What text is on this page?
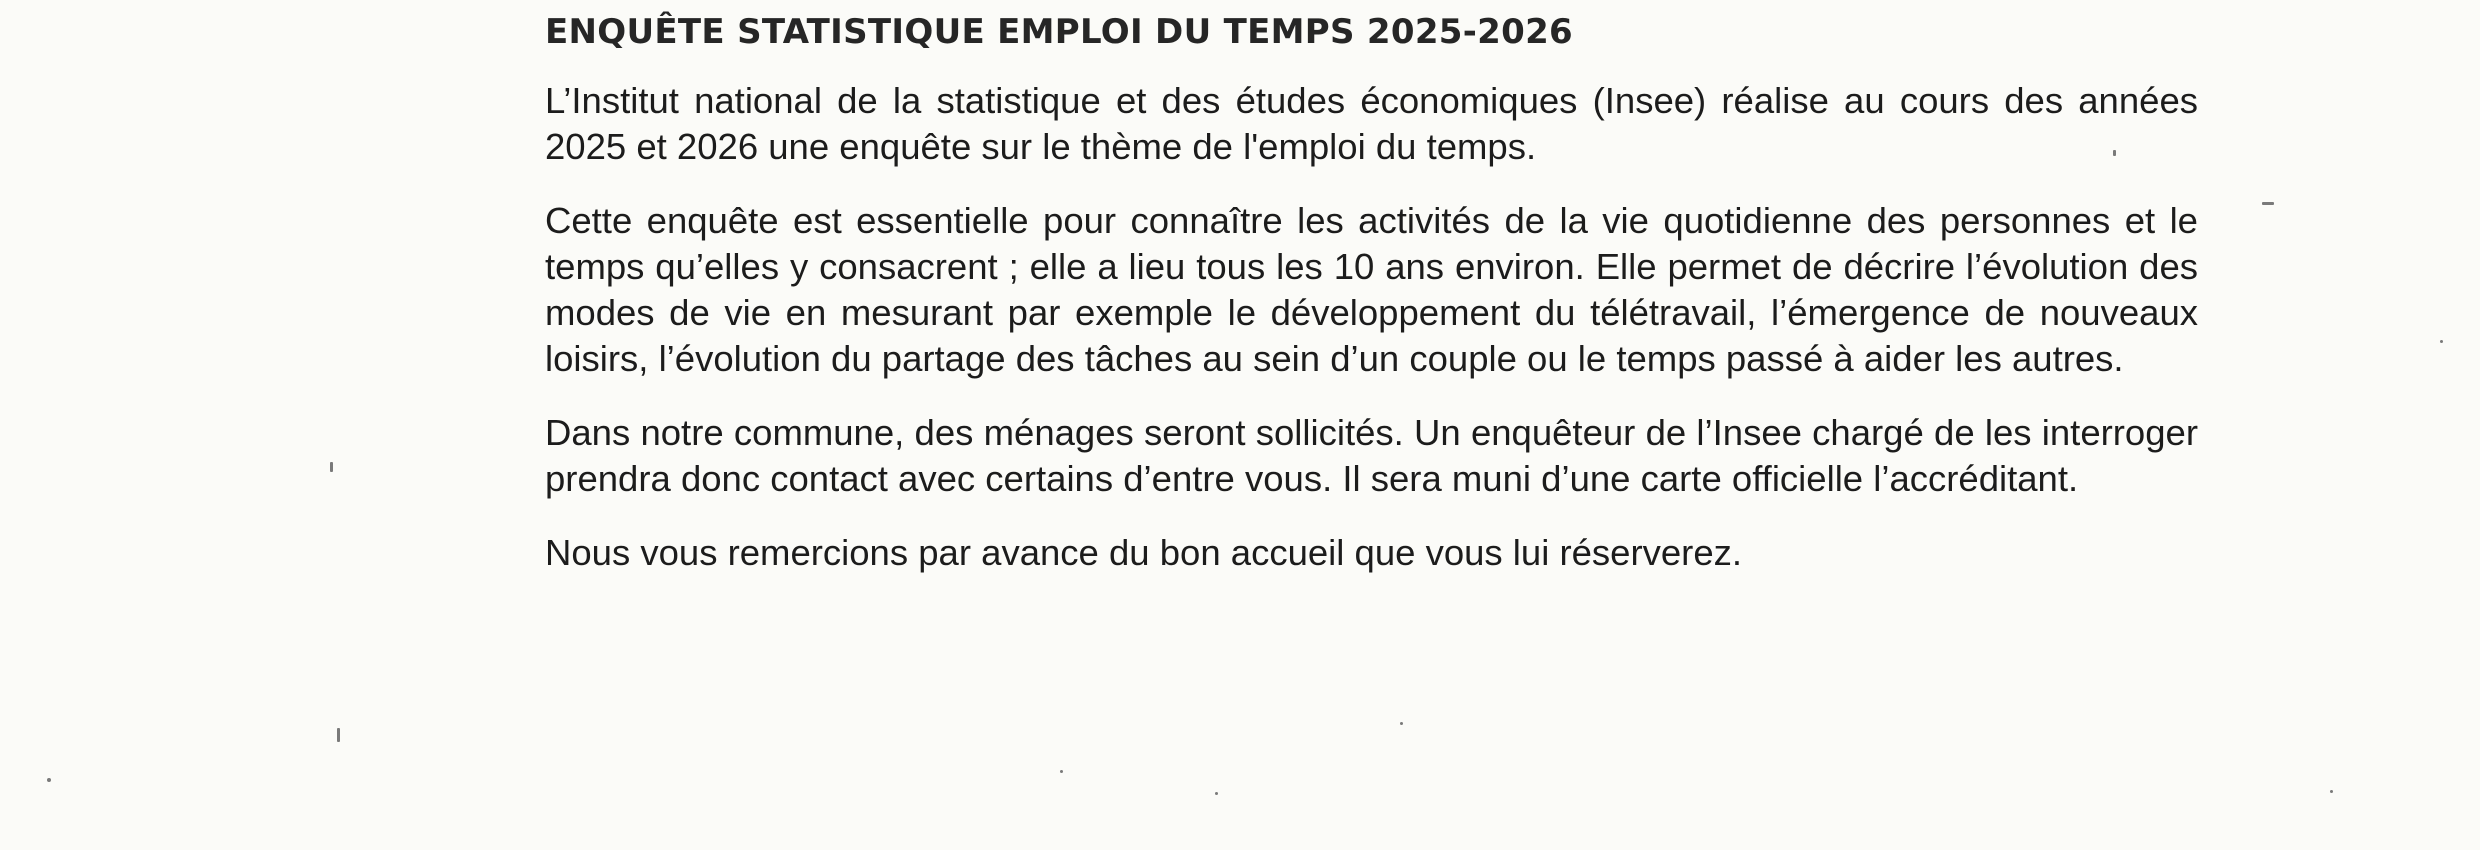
ENQUÊTE STATISTIQUE EMPLOI DU TEMPS 2025-2026

L’Institut national de la statistique et des études économiques (Insee) réalise au cours des années 2025 et 2026 une enquête sur le thème de l'emploi du temps.

Cette enquête est essentielle pour connaître les activités de la vie quotidienne des personnes et le temps qu’elles y consacrent ; elle a lieu tous les 10 ans environ. Elle permet de décrire l’évolution des modes de vie en mesurant par exemple le développement du télétravail, l’émergence de nouveaux loisirs, l’évolution du partage des tâches au sein d’un couple ou le temps passé à aider les autres.

Dans notre commune, des ménages seront sollicités. Un enquêteur de l’Insee chargé de les interroger prendra donc contact avec certains d’entre vous. Il sera muni d’une carte officielle l’accréditant.

Nous vous remercions par avance du bon accueil que vous lui réserverez.
